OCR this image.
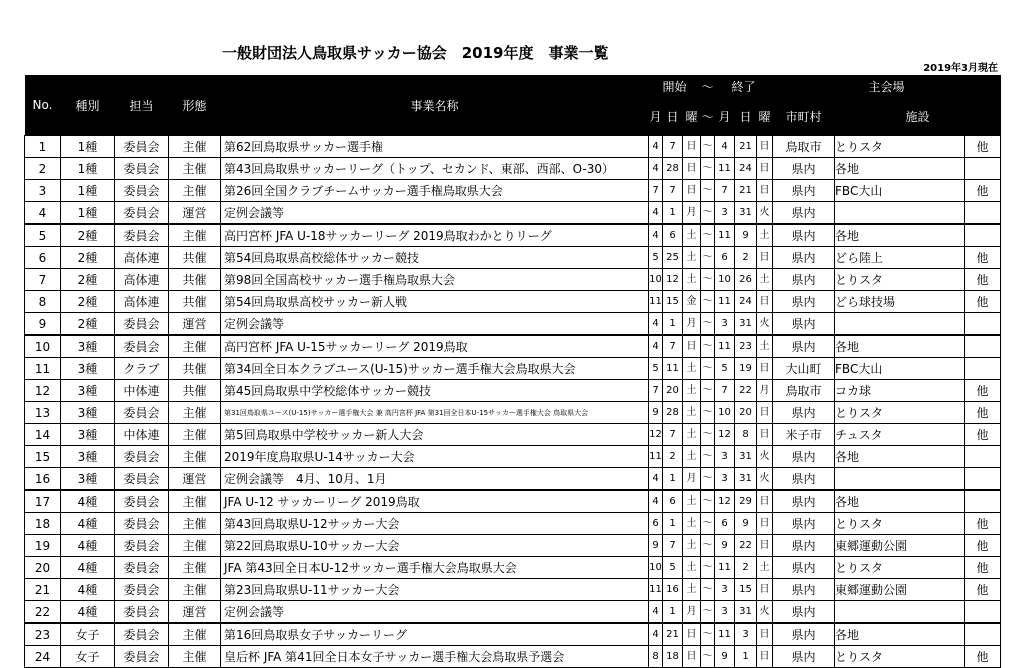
一般財団法人鳥取県サッカー協会　2019年度　事業一覧
2019年3月現在
No.	種別	担当	形態	事業名称	開始			～	終了			主会場		
					月	日	曜	～	月	日	曜	市町村	施設	
1	1種	委員会	主催	第62回鳥取県サッカー選手権	4	7	日	～	4	21	日	鳥取市	とりスタ	他
2	1種	委員会	主催	第43回鳥取県サッカーリーグ（トップ、セカンド、東部、西部、O-30）	4	28	日	～	11	24	日	県内	各地	
3	1種	委員会	主催	第26回全国クラブチームサッカー選手権鳥取県大会	7	7	日	～	7	21	日	県内	FBC大山	他
4	1種	委員会	運営	定例会議等	4	1	月	～	3	31	火	県内		
5	2種	委員会	主催	高円宮杯 JFA U-18サッカーリーグ 2019鳥取わかとりリーグ	4	6	土	～	11	9	土	県内	各地	
6	2種	高体連	共催	第54回鳥取県高校総体サッカー競技	5	25	土	～	6	2	日	県内	どら陸上	他
7	2種	高体連	共催	第98回全国高校サッカー選手権鳥取県大会	10	12	土	～	10	26	土	県内	とりスタ	他
8	2種	高体連	共催	第54回鳥取県高校サッカー新人戦	11	15	金	～	11	24	日	県内	どら球技場	他
9	2種	委員会	運営	定例会議等	4	1	月	～	3	31	火	県内		
10	3種	委員会	主催	高円宮杯 JFA U-15サッカーリーグ 2019鳥取	4	7	日	～	11	23	土	県内	各地	
11	3種	クラブ	共催	第34回全日本クラブユース(U-15)サッカー選手権大会鳥取県大会	5	11	土	～	5	19	日	大山町	FBC大山	
12	3種	中体連	共催	第45回鳥取県中学校総体サッカー競技	7	20	土	～	7	22	月	鳥取市	コカ球	他
13	3種	委員会	主催	第31回鳥取県ユース(U-15)サッカー選手権大会 兼 高円宮杯 JFA 第31回全日本U-15サッカー選手権大会 鳥取県大会	9	28	土	～	10	20	日	県内	とりスタ	他
14	3種	中体連	主催	第5回鳥取県中学校サッカー新人大会	12	7	土	～	12	8	日	米子市	チュスタ	他
15	3種	委員会	主催	2019年度鳥取県U-14サッカー大会	11	2	土	～	3	31	火	県内	各地	
16	3種	委員会	運営	定例会議等　4月、10月、1月	4	1	月	～	3	31	火	県内		
17	4種	委員会	主催	JFA U-12 サッカーリーグ 2019鳥取	4	6	土	～	12	29	日	県内	各地	
18	4種	委員会	主催	第43回鳥取県U-12サッカー大会	6	1	土	～	6	9	日	県内	とりスタ	他
19	4種	委員会	主催	第22回鳥取県U-10サッカー大会	9	7	土	～	9	22	日	県内	東郷運動公園	他
20	4種	委員会	主催	JFA 第43回全日本U-12サッカー選手権大会鳥取県大会	10	5	土	～	11	2	土	県内	とりスタ	他
21	4種	委員会	主催	第23回鳥取県U-11サッカー大会	11	16	土	～	3	15	日	県内	東郷運動公園	他
22	4種	委員会	運営	定例会議等	4	1	月	～	3	31	火	県内		
23	女子	委員会	主催	第16回鳥取県女子サッカーリーグ	4	21	日	～	11	3	日	県内	各地	
24	女子	委員会	主催	皇后杯 JFA 第41回全日本女子サッカー選手権大会鳥取県予選会	8	18	日	～	9	1	日	県内	とりスタ	他
